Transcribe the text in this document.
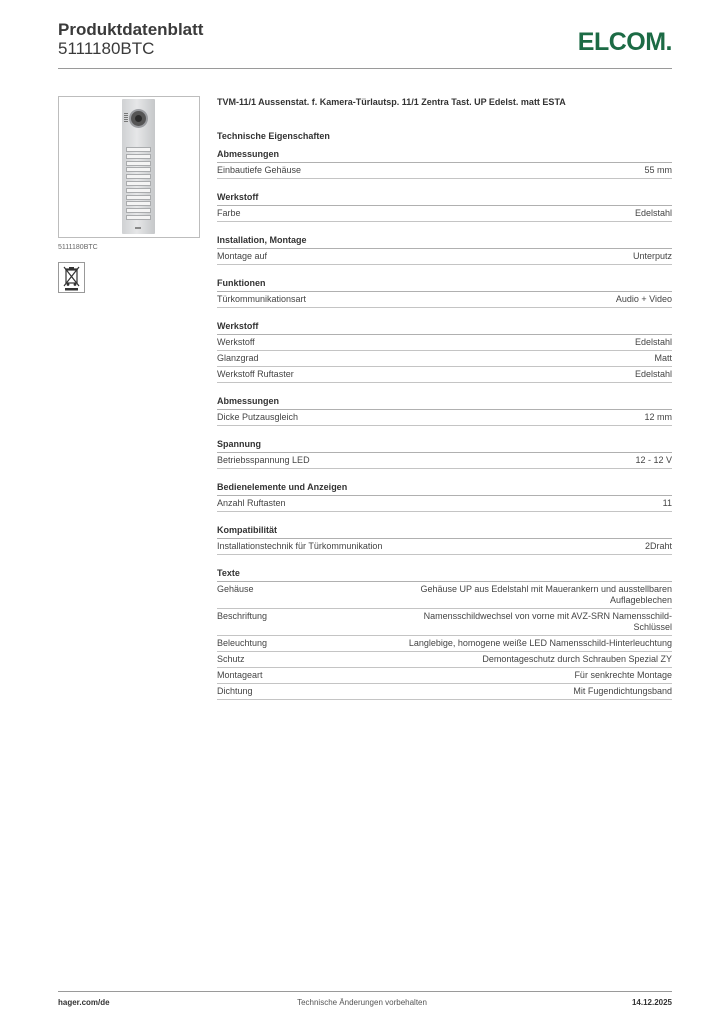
Produktdatenblatt
5111180BTC	ELCOM.
5111180BTC
TVM-11/1 Aussenstat. f. Kamera-Türlautsp. 11/1 Zentra Tast. UP Edelst. matt ESTA
Technische Eigenschaften
Abmessungen
Einbautiefe Gehäuse	55 mm
Werkstoff
Farbe	Edelstahl
Installation, Montage
Montage auf	Unterputz
Funktionen
Türkommunikationsart	Audio + Video
Werkstoff
Werkstoff	Edelstahl
Glanzgrad	Matt
Werkstoff Ruftaster	Edelstahl
Abmessungen
Dicke Putzausgleich	12 mm
Spannung
Betriebsspannung LED	12 - 12 V
Bedienelemente und Anzeigen
Anzahl Ruftasten	11
Kompatibilität
Installationstechnik für Türkommunikation	2Draht
Texte
Gehäuse	Gehäuse UP aus Edelstahl mit Mauerankern und ausstellbaren Auflageblechen
Beschriftung	Namensschildwechsel von vorne mit AVZ-SRN Namensschild-Schlüssel
Beleuchtung	Langlebige, homogene weiße LED Namensschild-Hinterleuchtung
Schutz	Demontageschutz durch Schrauben Spezial ZY
Montageart	Für senkrechte Montage
Dichtung	Mit Fugendichtungsband
hager.com/de	Technische Änderungen vorbehalten	14.12.2025
